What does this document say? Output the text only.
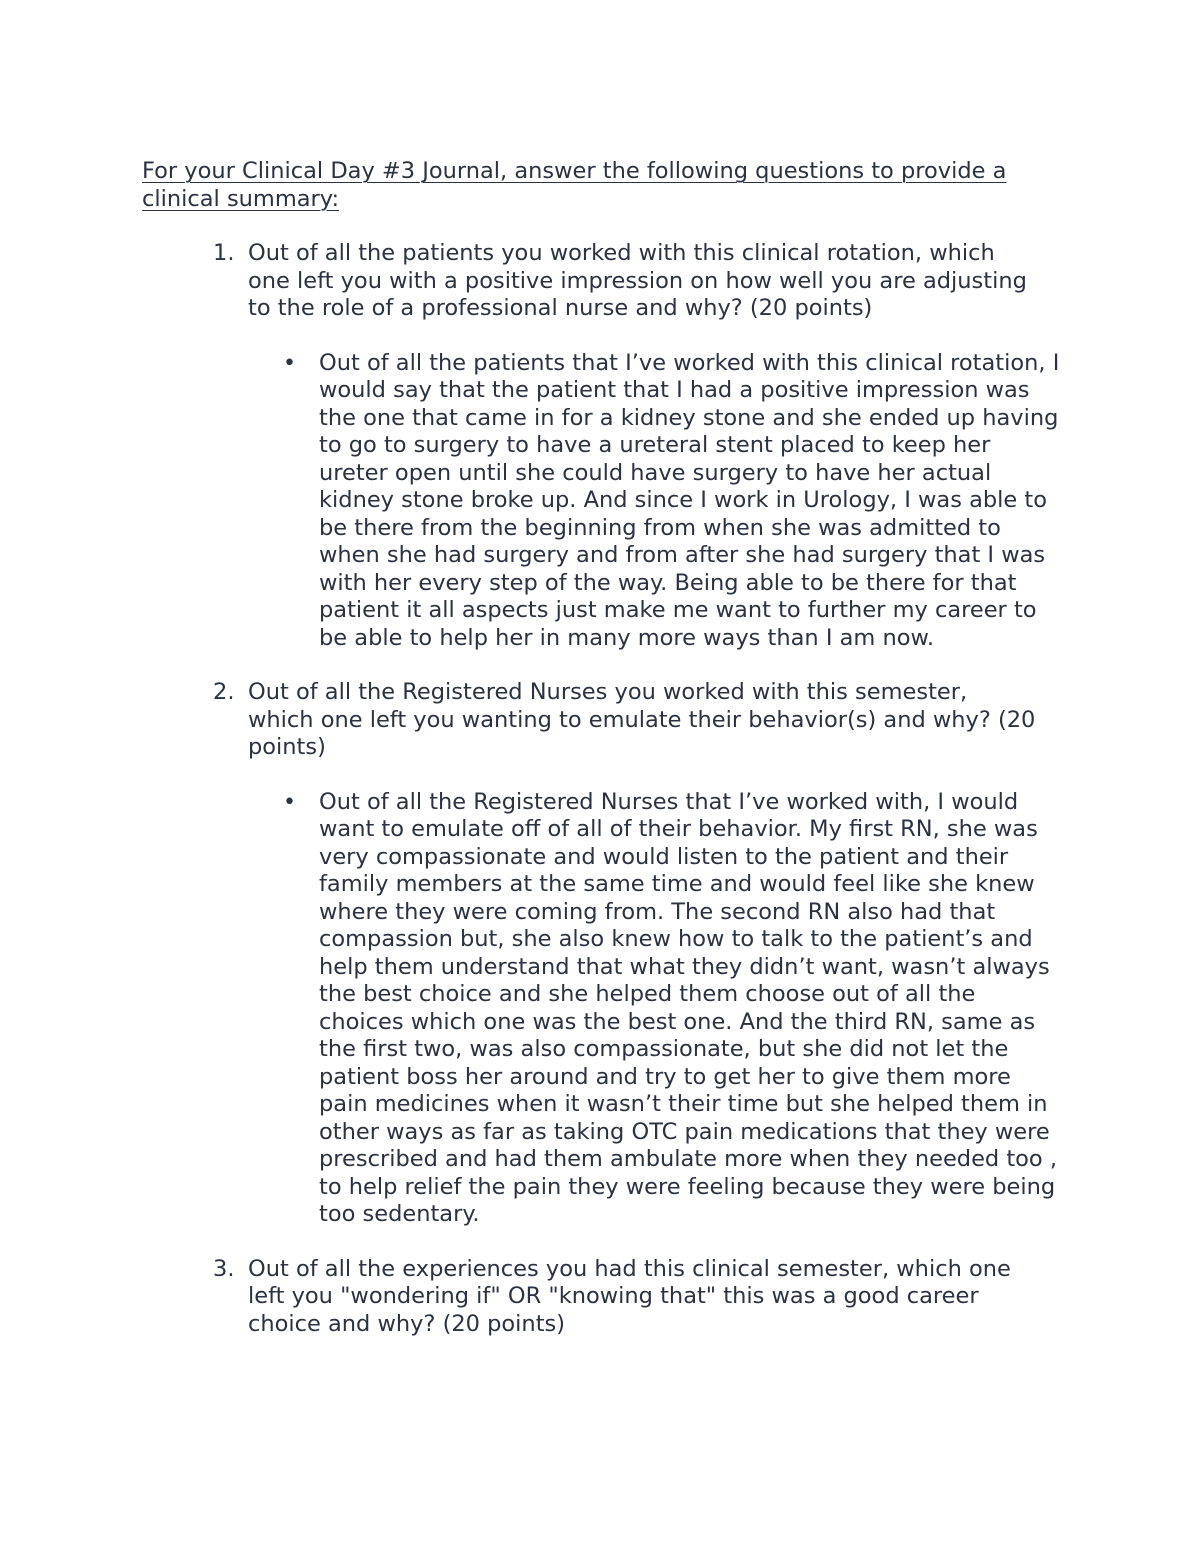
For your Clinical Day #3 Journal, answer the following questions to provide a clinical summary:

1. Out of all the patients you worked with this clinical rotation, which one left you with a positive impression on how well you are adjusting to the role of a professional nurse and why? (20 points)
• Out of all the patients that I’ve worked with this clinical rotation, I would say that the patient that I had a positive impression was the one that came in for a kidney stone and she ended up having to go to surgery to have a ureteral stent placed to keep her ureter open until she could have surgery to have her actual kidney stone broke up. And since I work in Urology, I was able to be there from the beginning from when she was admitted to when she had surgery and from after she had surgery that I was with her every step of the way. Being able to be there for that patient it all aspects just make me want to further my career to be able to help her in many more ways than I am now.
2. Out of all the Registered Nurses you worked with this semester, which one left you wanting to emulate their behavior(s) and why? (20 points)
• Out of all the Registered Nurses that I’ve worked with, I would want to emulate off of all of their behavior. My first RN, she was very compassionate and would listen to the patient and their family members at the same time and would feel like she knew where they were coming from. The second RN also had that compassion but, she also knew how to talk to the patient’s and help them understand that what they didn’t want, wasn’t always the best choice and she helped them choose out of all the choices which one was the best one. And the third RN, same as the first two, was also compassionate, but she did not let the patient boss her around and try to get her to give them more pain medicines when it wasn’t their time but she helped them in other ways as far as taking OTC pain medications that they were prescribed and had them ambulate more when they needed too , to help relief the pain they were feeling because they were being too sedentary.
3. Out of all the experiences you had this clinical semester, which one left you "wondering if" OR "knowing that" this was a good career choice and why? (20 points)
